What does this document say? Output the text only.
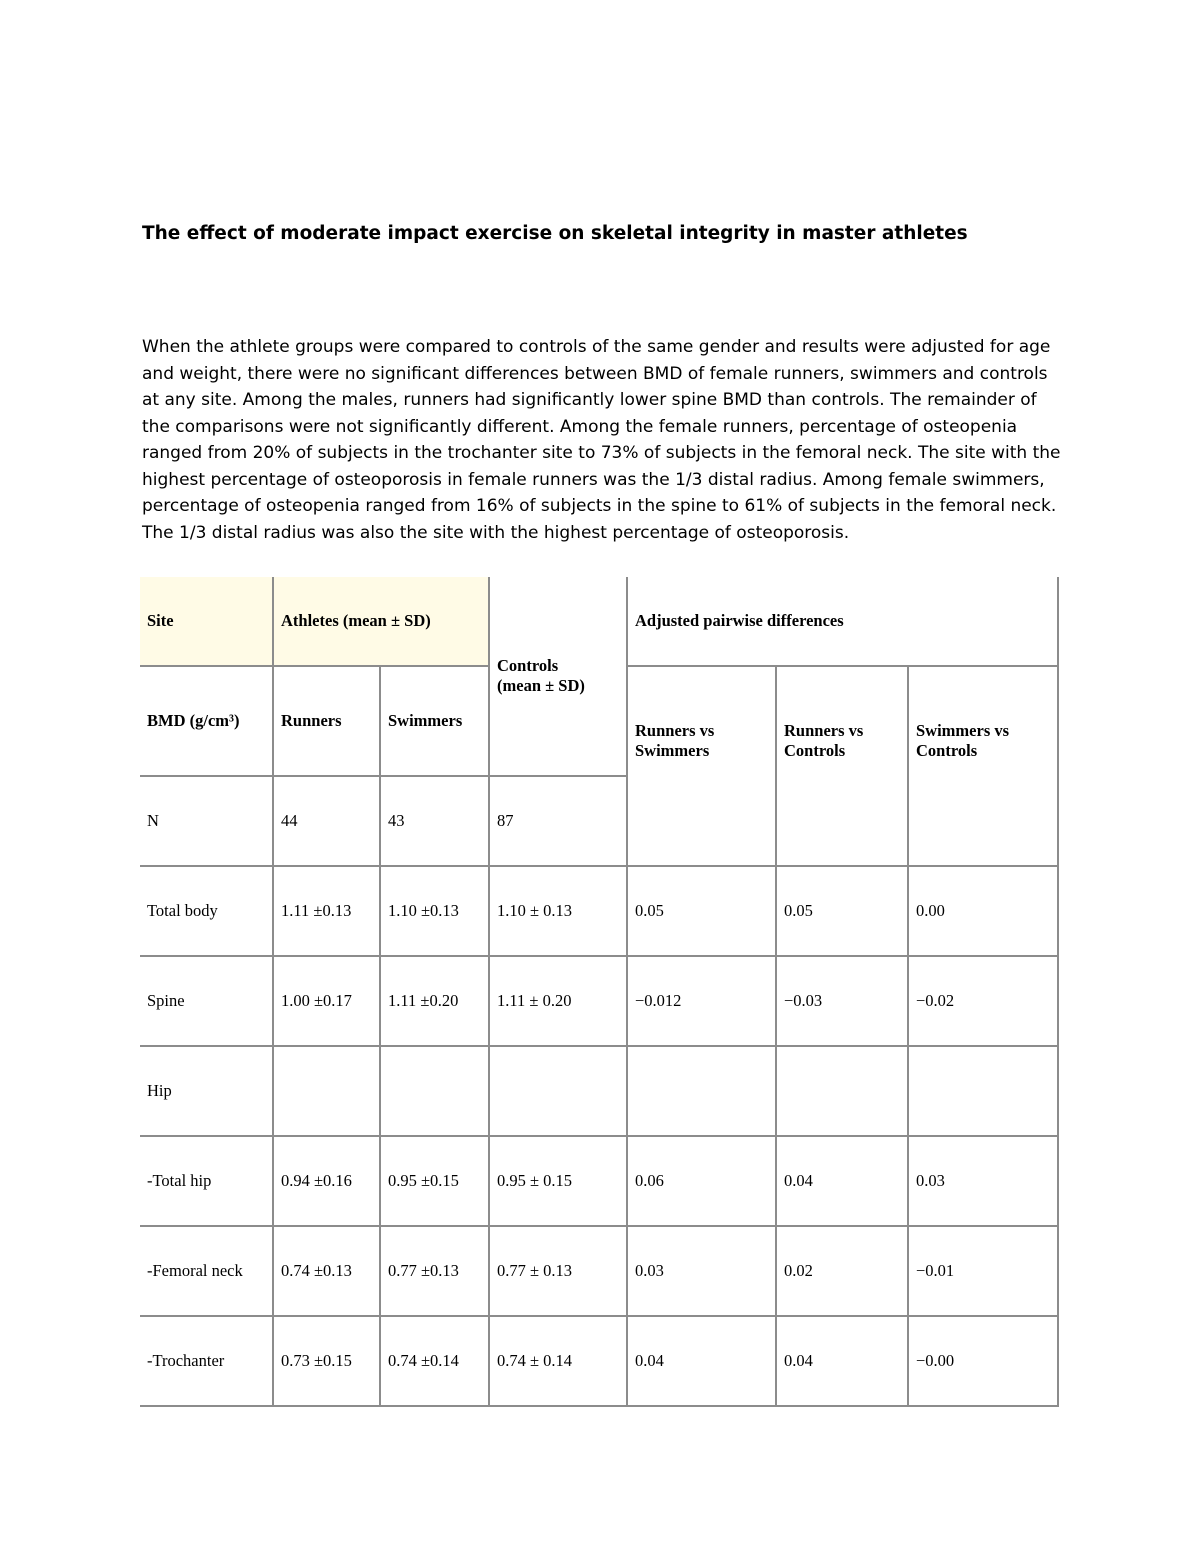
The effect of moderate impact exercise on skeletal integrity in master athletes

When the athlete groups were compared to controls of the same gender and results were adjusted for age and weight, there were no significant differences between BMD of female runners, swimmers and controls at any site. Among the males, runners had significantly lower spine BMD than controls. The remainder of the comparisons were not significantly different. Among the female runners, percentage of osteopenia ranged from 20% of subjects in the trochanter site to 73% of subjects in the femoral neck. The site with the highest percentage of osteoporosis in female runners was the 1/3 distal radius. Among female swimmers, percentage of osteopenia ranged from 16% of subjects in the spine to 61% of subjects in the femoral neck. The 1/3 distal radius was also the site with the highest percentage of osteoporosis.

Site	Athletes (mean ± SD)		Controls (mean ± SD)	Adjusted pairwise differences		
BMD (g/cm³)	Runners	Swimmers		Runners vs Swimmers	Runners vs Controls	Swimmers vs Controls

N	44	43	87			
Total body	1.11 ±0.13	1.10 ±0.13	1.10 ± 0.13	0.05	0.05	0.00
Spine	1.00 ±0.17	1.11 ±0.20	1.11 ± 0.20	−0.012	−0.03	−0.02
Hip						
-Total hip	0.94 ±0.16	0.95 ±0.15	0.95 ± 0.15	0.06	0.04	0.03
-Femoral neck	0.74 ±0.13	0.77 ±0.13	0.77 ± 0.13	0.03	0.02	−0.01
-Trochanter	0.73 ±0.15	0.74 ±0.14	0.74 ± 0.14	0.04	0.04	−0.00
